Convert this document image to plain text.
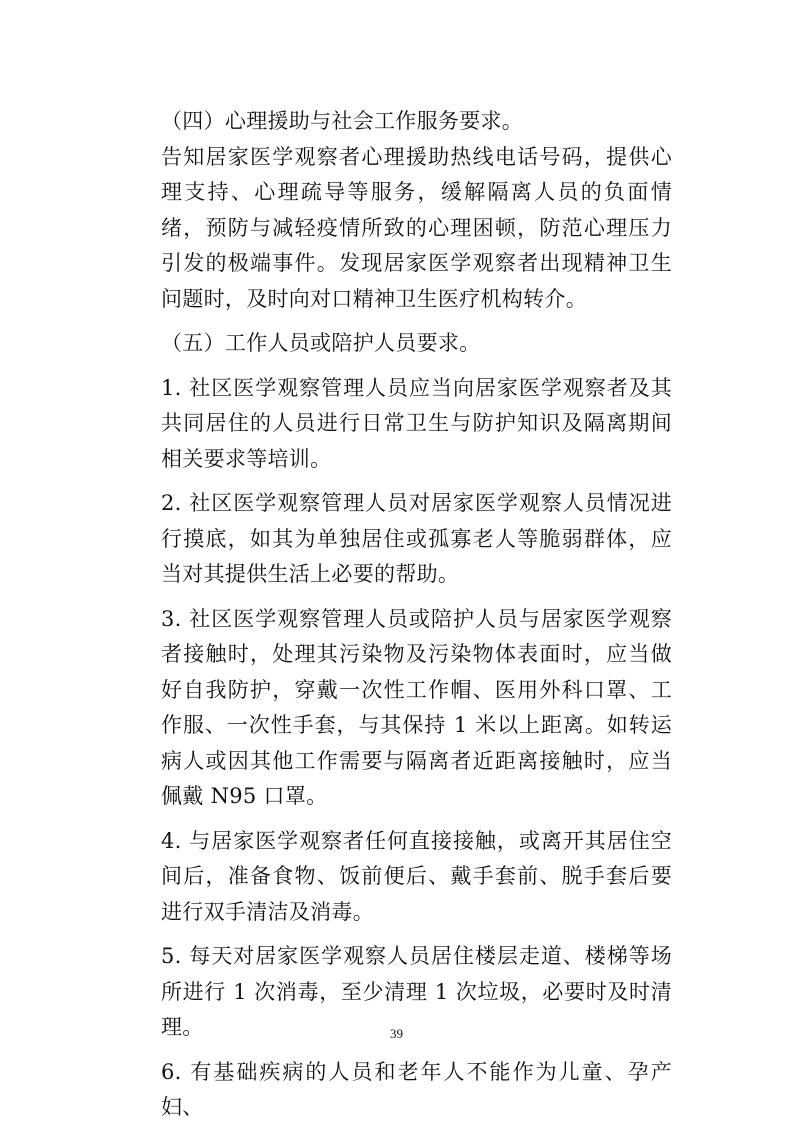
（四）心理援助与社会工作服务要求。

告知居家医学观察者心理援助热线电话号码，提供心理支持、心理疏导等服务，缓解隔离人员的负面情绪，预防与减轻疫情所致的心理困顿，防范心理压力引发的极端事件。发现居家医学观察者出现精神卫生问题时，及时向对口精神卫生医疗机构转介。

（五）工作人员或陪护人员要求。

1. 社区医学观察管理人员应当向居家医学观察者及其共同居住的人员进行日常卫生与防护知识及隔离期间相关要求等培训。

2. 社区医学观察管理人员对居家医学观察人员情况进行摸底，如其为单独居住或孤寡老人等脆弱群体，应当对其提供生活上必要的帮助。

3. 社区医学观察管理人员或陪护人员与居家医学观察者接触时，处理其污染物及污染物体表面时，应当做好自我防护，穿戴一次性工作帽、医用外科口罩、工作服、一次性手套，与其保持 1 米以上距离。如转运病人或因其他工作需要与隔离者近距离接触时，应当佩戴 N95 口罩。

4. 与居家医学观察者任何直接接触，或离开其居住空间后，准备食物、饭前便后、戴手套前、脱手套后要进行双手清洁及消毒。

5. 每天对居家医学观察人员居住楼层走道、楼梯等场所进行 1 次消毒，至少清理 1 次垃圾，必要时及时清理。

6. 有基础疾病的人员和老年人不能作为儿童、孕产妇、

39
